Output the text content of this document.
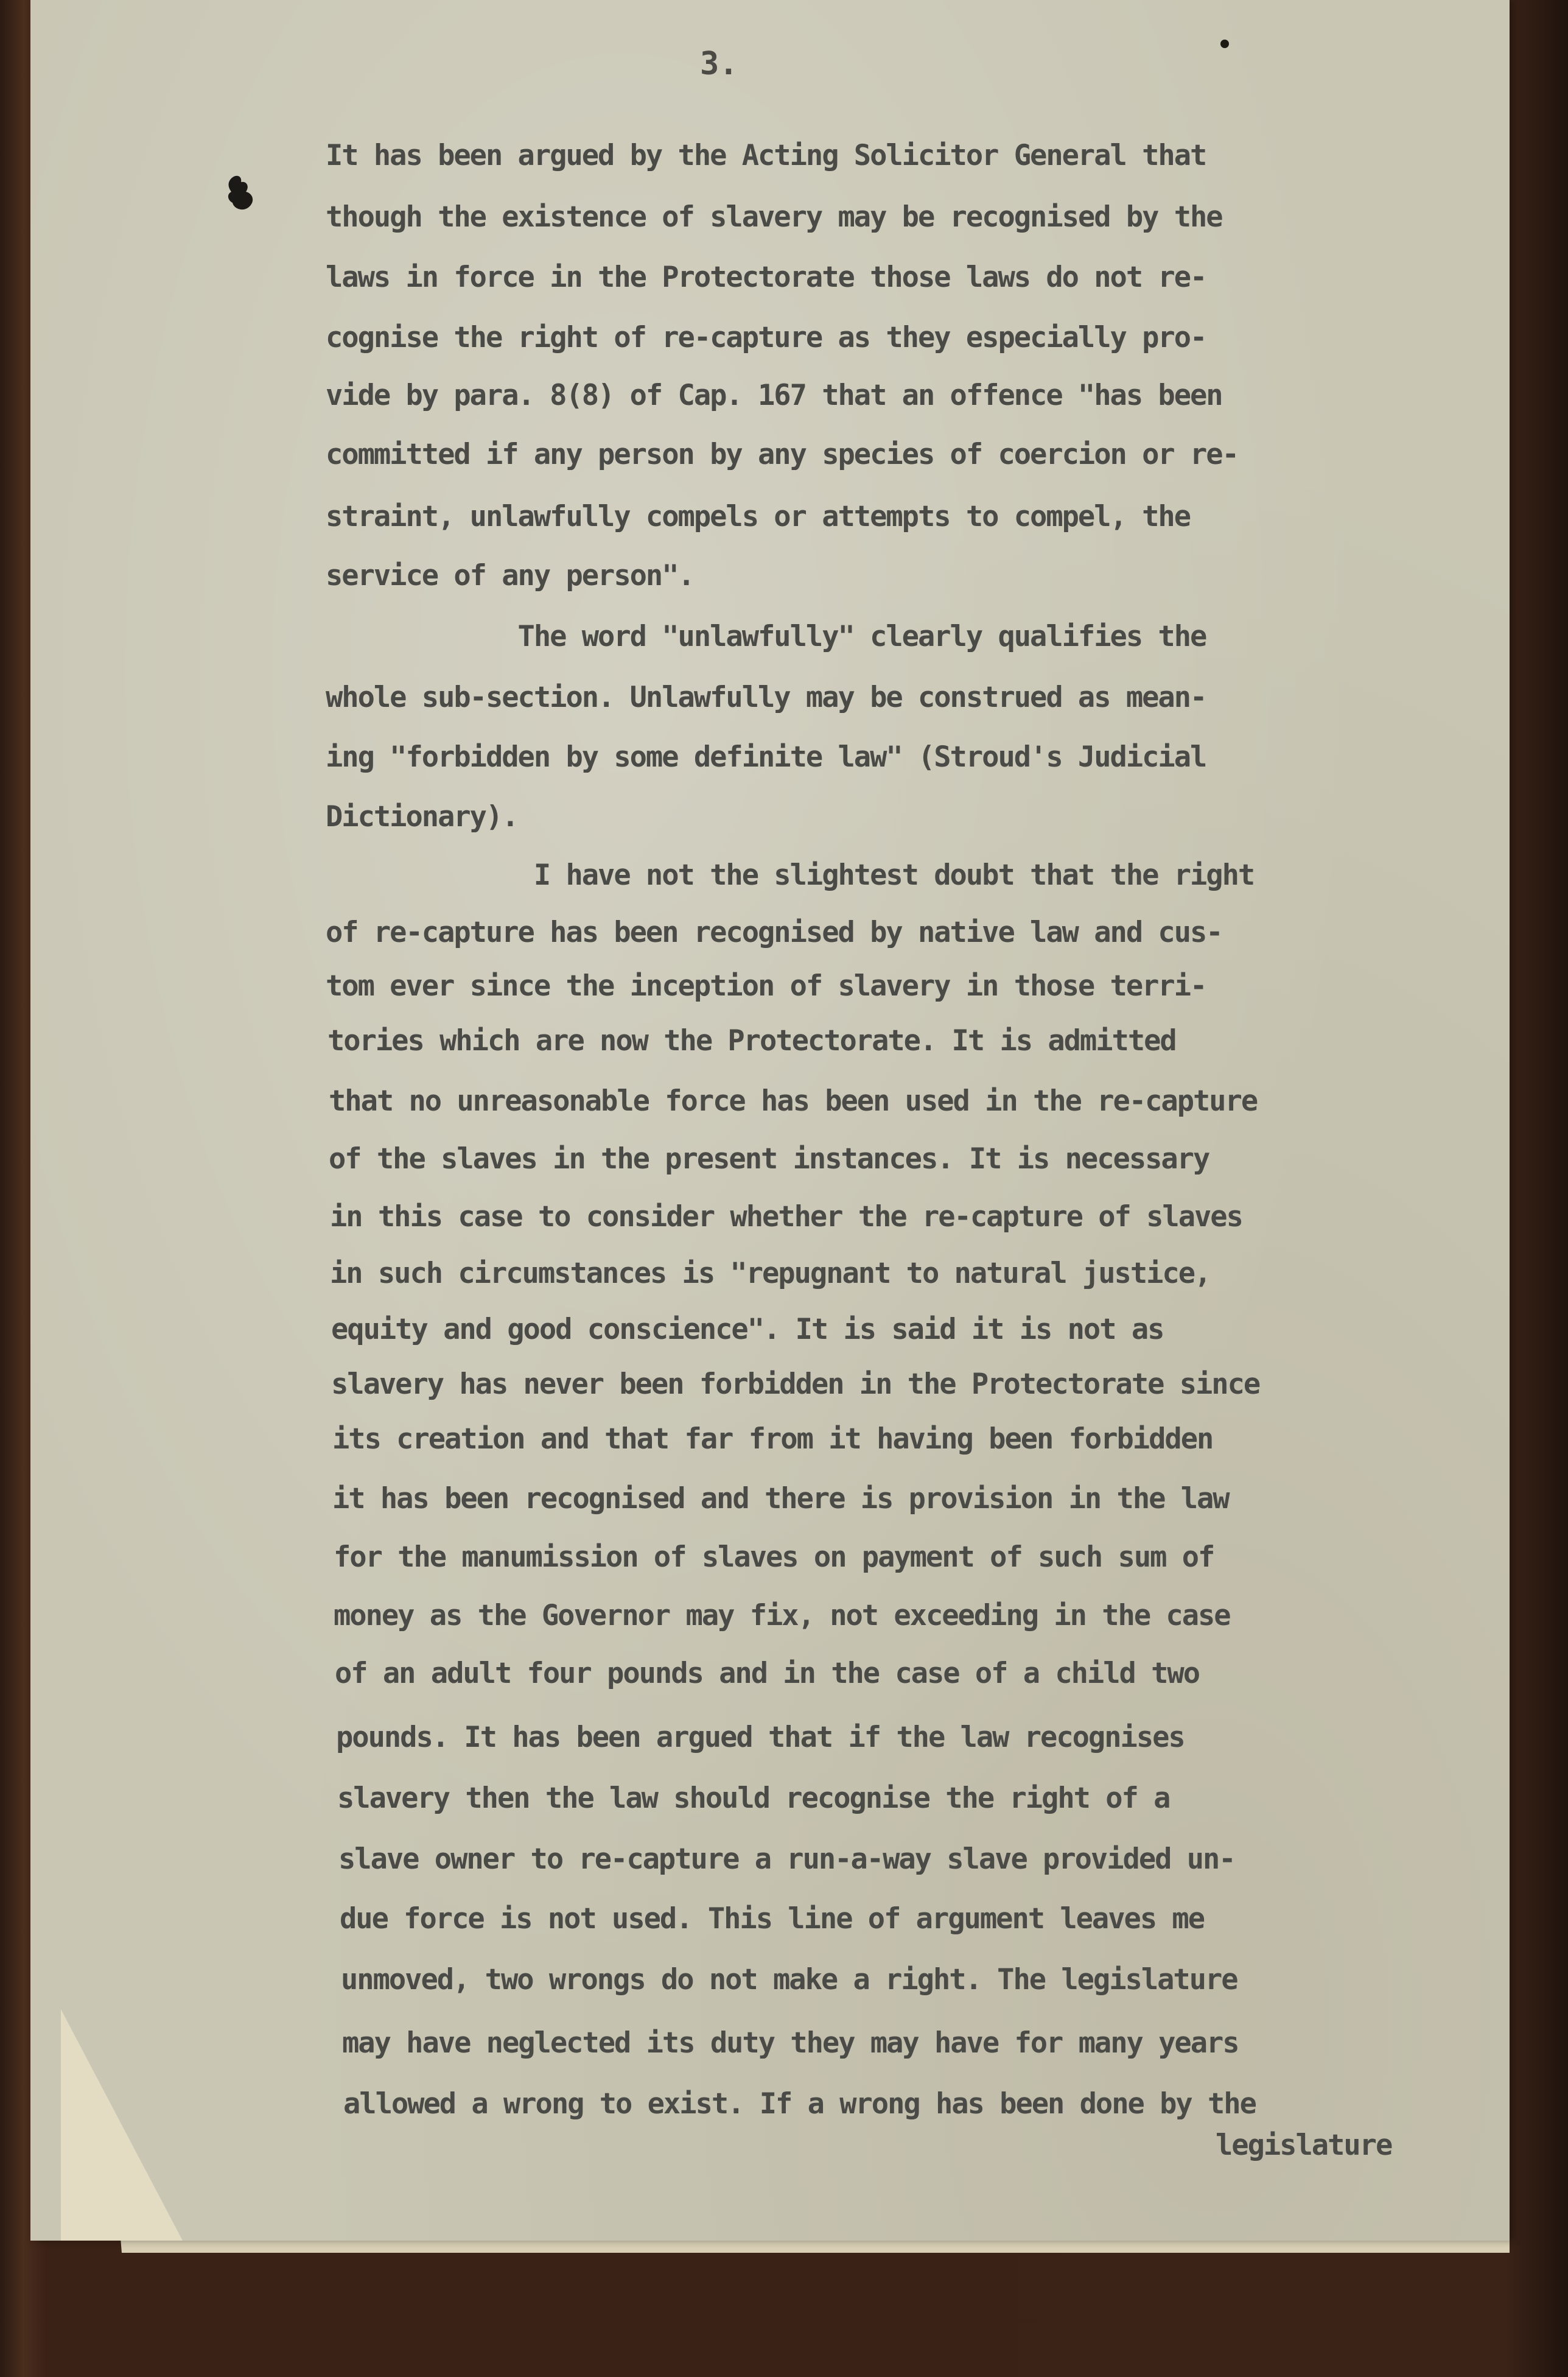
3.
It has been argued by the Acting Solicitor General that
though the existence of slavery may be recognised by the
laws in force in the Protectorate those laws do not re-
cognise the right of re-capture as they especially pro-
vide by para. 8(8) of Cap. 167 that an offence "has been
committed if any person by any species of coercion or re-
straint, unlawfully compels or attempts to compel, the
service of any person".
The word "unlawfully" clearly qualifies the
whole sub-section. Unlawfully may be construed as mean-
ing "forbidden by some definite law" (Stroud's Judicial
Dictionary).
I have not the slightest doubt that the right
of re-capture has been recognised by native law and cus-
tom ever since the inception of slavery in those terri-
tories which are now the Protectorate. It is admitted
that no unreasonable force has been used in the re-capture
of the slaves in the present instances. It is necessary
in this case to consider whether the re-capture of slaves
in such circumstances is "repugnant to natural justice,
equity and good conscience". It is said it is not as
slavery has never been forbidden in the Protectorate since
its creation and that far from it having been forbidden
it has been recognised and there is provision in the law
for the manumission of slaves on payment of such sum of
money as the Governor may fix, not exceeding in the case
of an adult four pounds and in the case of a child two
pounds. It has been argued that if the law recognises
slavery then the law should recognise the right of a
slave owner to re-capture a run-a-way slave provided un-
due force is not used. This line of argument leaves me
unmoved, two wrongs do not make a right. The legislature
may have neglected its duty they may have for many years
allowed a wrong to exist. If a wrong has been done by the
legislature
